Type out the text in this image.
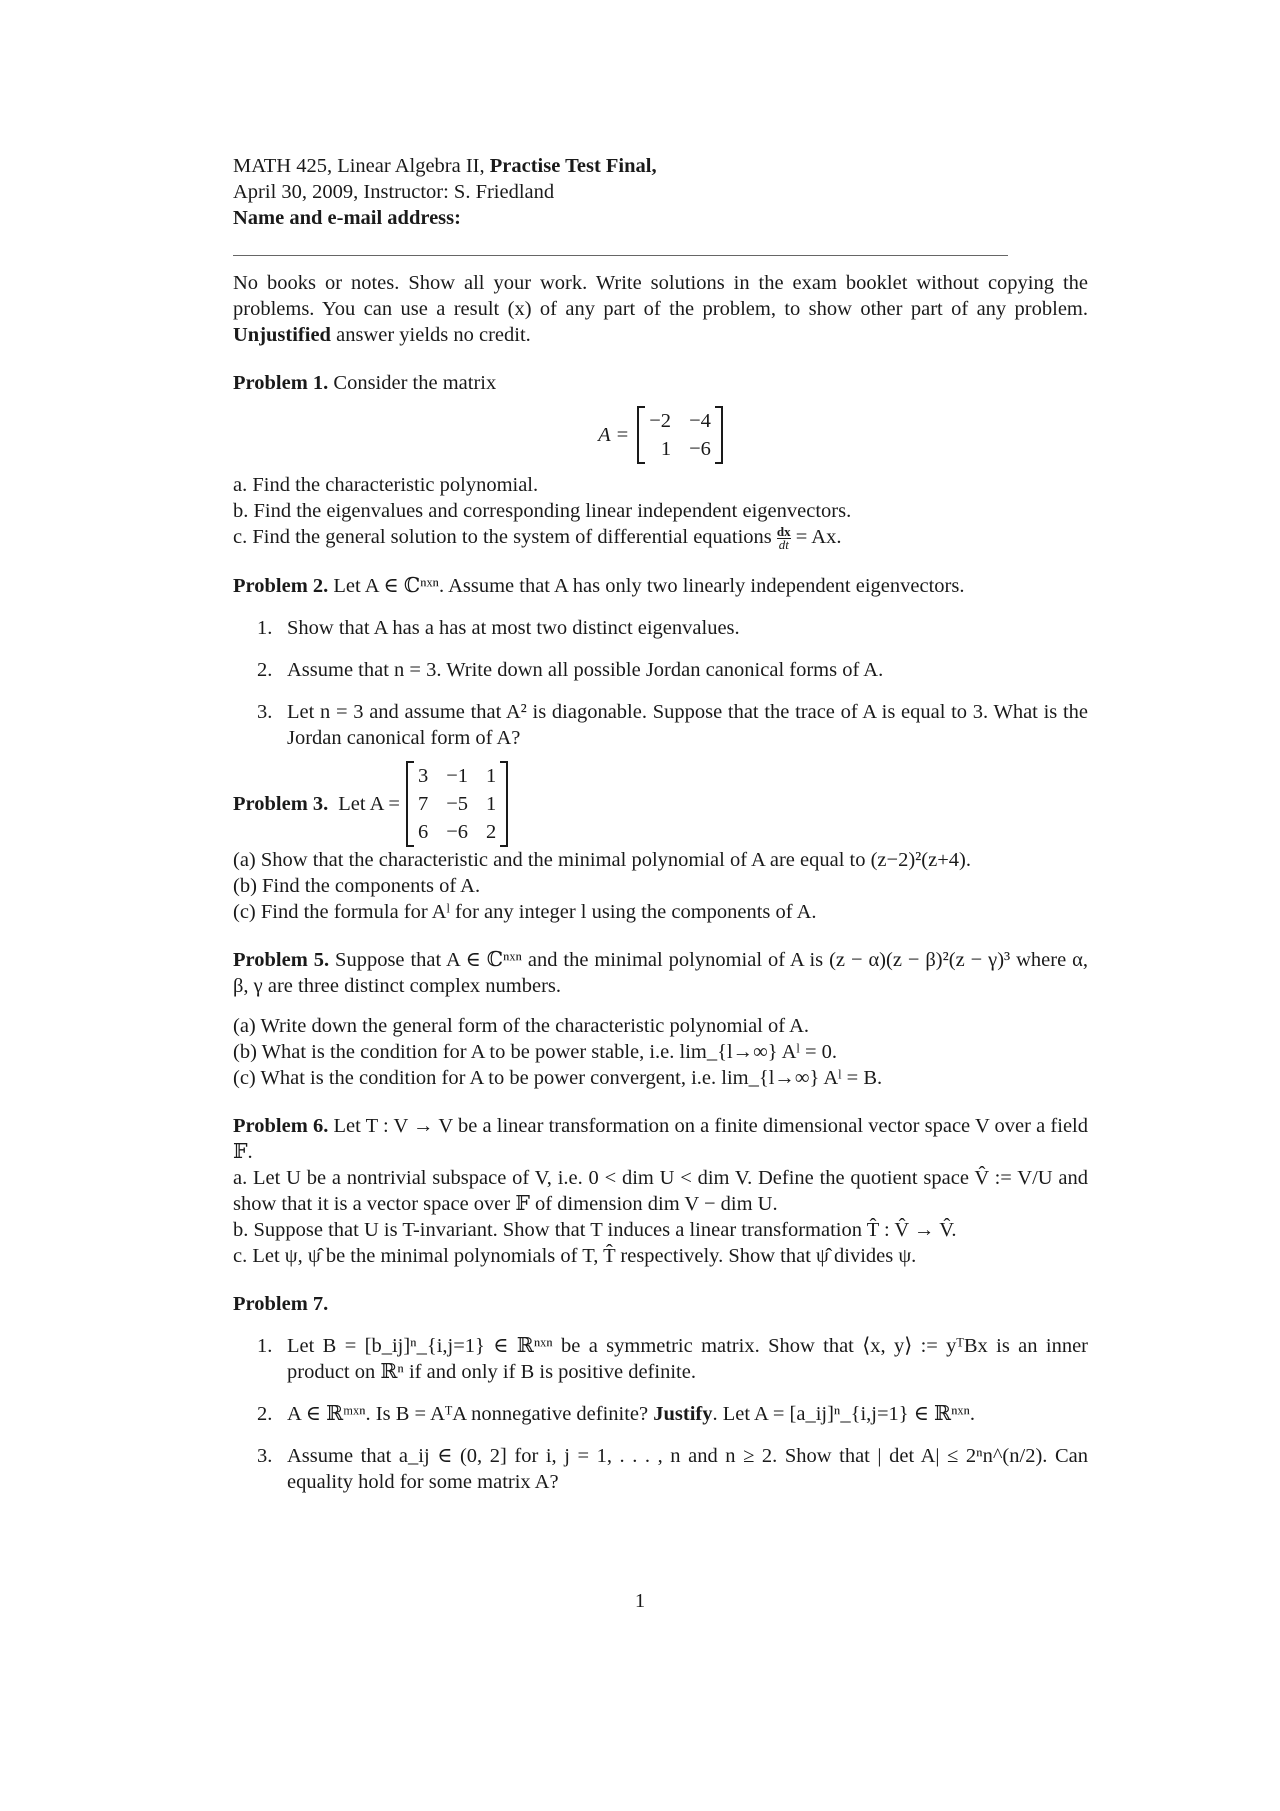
MATH 425, Linear Algebra II, Practise Test Final,
April 30, 2009, Instructor: S. Friedland
Name and e-mail address:
No books or notes. Show all your work. Write solutions in the exam booklet without copying the problems. You can use a result (x) of any part of the problem, to show other part of any problem. Unjustified answer yields no credit.
Problem 1. Consider the matrix
A =
−2 −4
1 −6
a. Find the characteristic polynomial.
b. Find the eigenvalues and corresponding linear independent eigenvectors.
c. Find the general solution to the system of differential equations $\frac{dx}{dt} = Ax$.
Problem 2. Let A ∈ ℂⁿˣⁿ. Assume that A has only two linearly independent eigenvectors.
1. Show that A has a has at most two distinct eigenvalues.
2. Assume that n = 3. Write down all possible Jordan canonical forms of A.
3. Let n = 3 and assume that A² is diagonable. Suppose that the trace of A is equal to 3. What is the Jordan canonical form of A?
Problem 3. Let A =
3 −1 1
7 −5 1
6 −6 2
(a) Show that the characteristic and the minimal polynomial of A are equal to (z−2)²(z+4).
(b) Find the components of A.
(c) Find the formula for Aˡ for any integer l using the components of A.
Problem 5. Suppose that A ∈ ℂⁿˣⁿ and the minimal polynomial of A is (z − α)(z − β)²(z − γ)³ where α, β, γ are three distinct complex numbers.
(a) Write down the general form of the characteristic polynomial of A.
(b) What is the condition for A to be power stable, i.e. lim_{l→∞} Aˡ = 0.
(c) What is the condition for A to be power convergent, i.e. lim_{l→∞} Aˡ = B.
Problem 6. Let T : V → V be a linear transformation on a finite dimensional vector space V over a field 𝔽.
a. Let U be a nontrivial subspace of V, i.e. 0 < dim U < dim V. Define the quotient space V̂ := V/U and show that it is a vector space over 𝔽 of dimension dim V − dim U.
b. Suppose that U is T-invariant. Show that T induces a linear transformation T̂ : V̂ → V̂.
c. Let ψ, ψ̂ be the minimal polynomials of T, T̂ respectively. Show that ψ̂ divides ψ.
Problem 7.
1. Let B = [b_ij]ⁿ_{i,j=1} ∈ ℝⁿˣⁿ be a symmetric matrix. Show that ⟨x, y⟩ := yᵀBx is an inner product on ℝⁿ if and only if B is positive definite.
2. A ∈ ℝᵐˣⁿ. Is B = AᵀA nonnegative definite? Justify. Let A = [a_ij]ⁿ_{i,j=1} ∈ ℝⁿˣⁿ.
3. Assume that a_ij ∈ (0, 2] for i, j = 1, . . . , n and n ≥ 2. Show that | det A| ≤ 2ⁿn^(n/2). Can equality hold for some matrix A?
1
